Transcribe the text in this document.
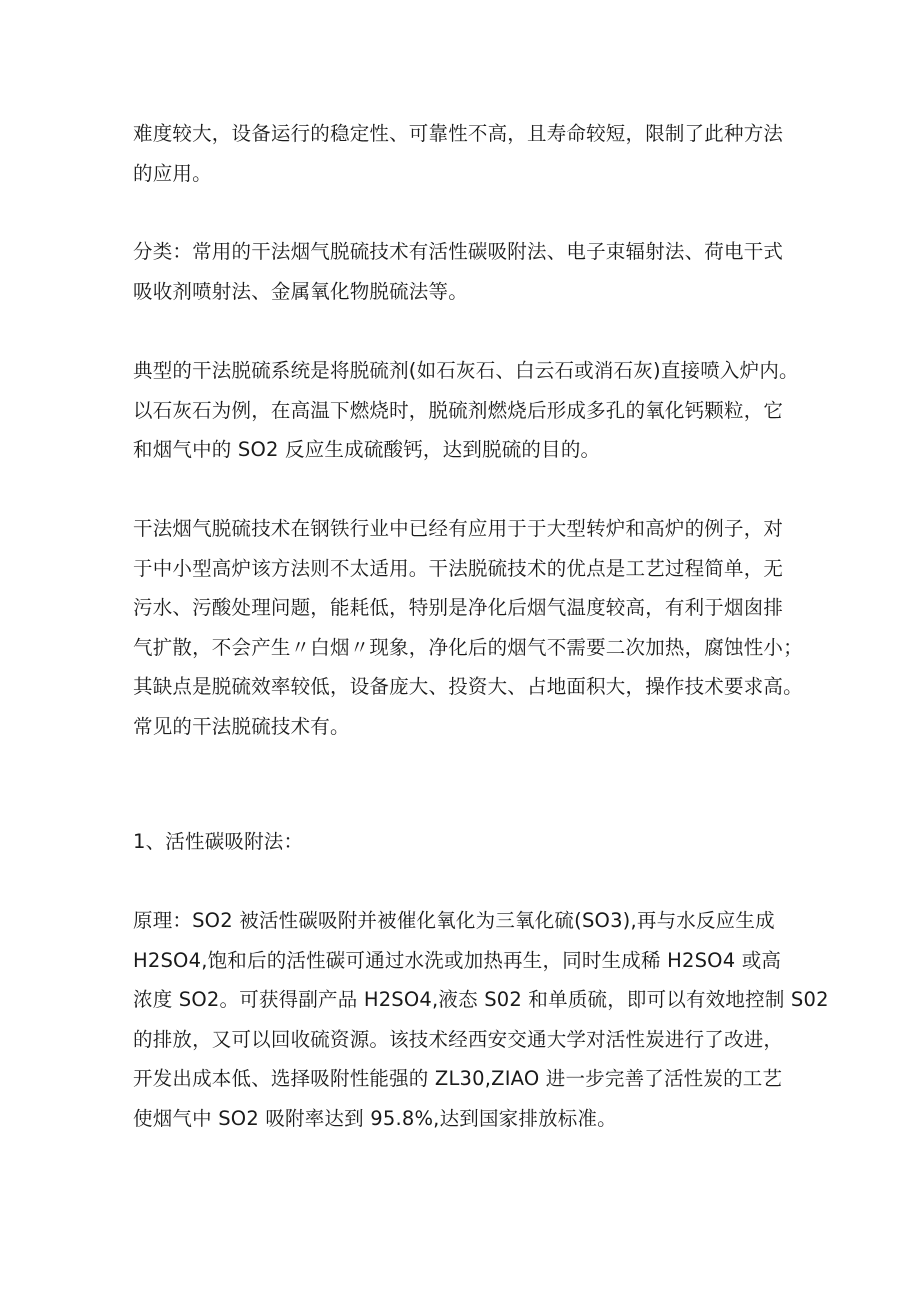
难度较大，设备运行的稳定性、可靠性不高，且寿命较短，限制了此种方法
的应用。
分类：常用的干法烟气脱硫技术有活性碳吸附法、电子束辐射法、荷电干式
吸收剂喷射法、金属氧化物脱硫法等。
典型的干法脱硫系统是将脱硫剂(如石灰石、白云石或消石灰)直接喷入炉内。
以石灰石为例，在高温下燃烧时，脱硫剂燃烧后形成多孔的氧化钙颗粒，它
和烟气中的 SO2 反应生成硫酸钙，达到脱硫的目的。
干法烟气脱硫技术在钢铁行业中已经有应用于于大型转炉和高炉的例子，对
于中小型高炉该方法则不太适用。干法脱硫技术的优点是工艺过程简单，无
污水、污酸处理问题，能耗低，特别是净化后烟气温度较高，有利于烟囱排
气扩散，不会产生〃白烟〃现象，净化后的烟气不需要二次加热，腐蚀性小；
其缺点是脱硫效率较低，设备庞大、投资大、占地面积大，操作技术要求高。
常见的干法脱硫技术有。
1、活性碳吸附法：
原理：SO2 被活性碳吸附并被催化氧化为三氧化硫(SO3),再与水反应生成
H2SO4,饱和后的活性碳可通过水洗或加热再生，同时生成稀 H2SO4 或高
浓度 SO2。可获得副产品 H2SO4,液态 S02 和单质硫，即可以有效地控制 S02
的排放，又可以回收硫资源。该技术经西安交通大学对活性炭进行了改进，
开发出成本低、选择吸附性能强的 ZL30,ZIAO 进一步完善了活性炭的工艺
使烟气中 SO2 吸附率达到 95.8%,达到国家排放标准。
